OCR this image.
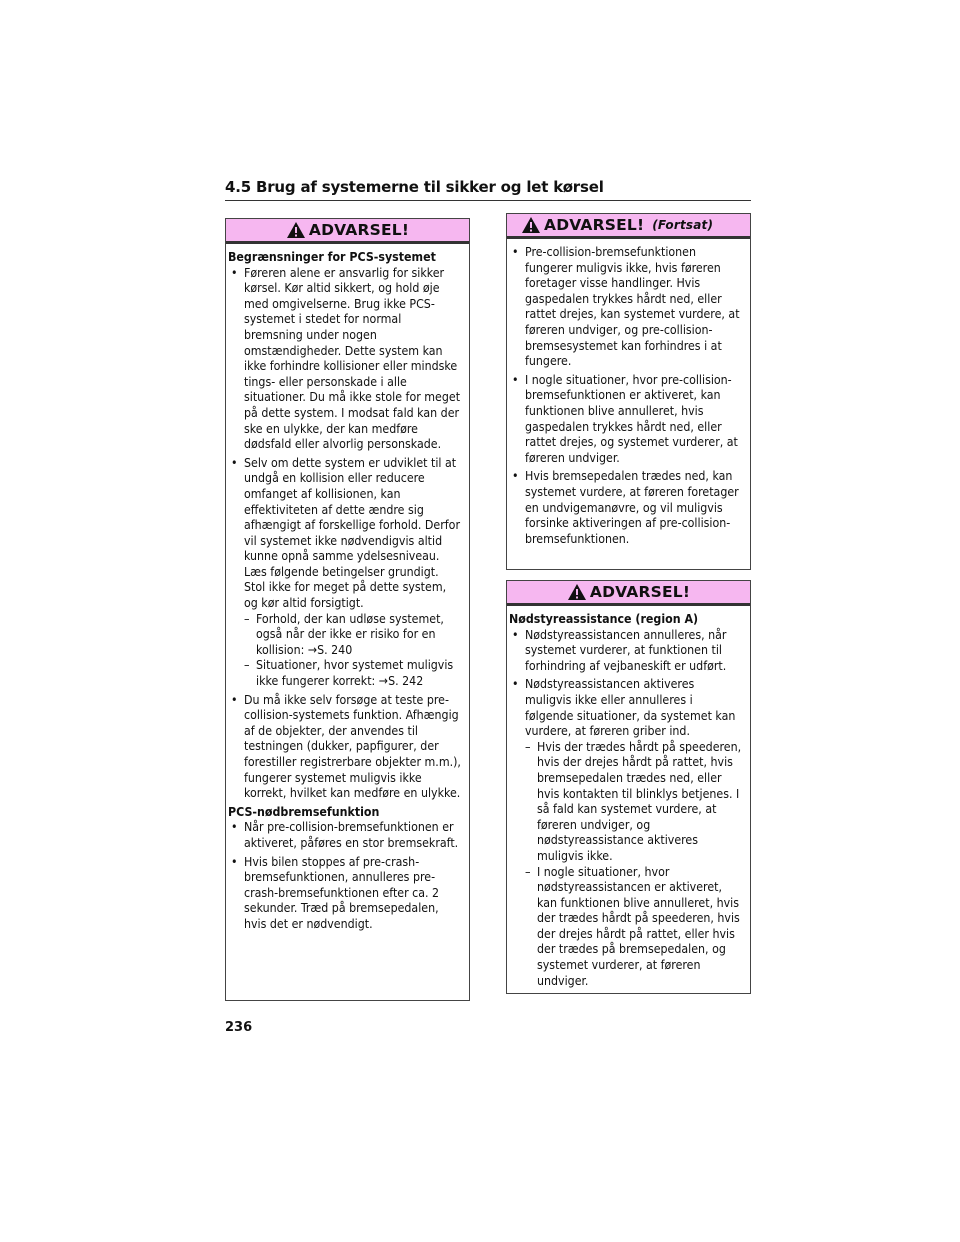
4.5 Brug af systemerne til sikker og let kørsel
ADVARSEL!
Begrænsninger for PCS-systemet
• Føreren alene er ansvarlig for sikker kørsel. Kør altid sikkert, og hold øje med omgivelserne. Brug ikke PCS-systemet i stedet for normal bremsning under nogen omstændigheder. Dette system kan ikke forhindre kollisioner eller mindske tings- eller personskade i alle situationer. Du må ikke stole for meget på dette system. I modsat fald kan der ske en ulykke, der kan medføre dødsfald eller alvorlig personskade.
• Selv om dette system er udviklet til at undgå en kollision eller reducere omfanget af kollisionen, kan effektiviteten af dette ændre sig afhængigt af forskellige forhold. Derfor vil systemet ikke nødvendigvis altid kunne opnå samme ydelsesniveau. Læs følgende betingelser grundigt. Stol ikke for meget på dette system, og kør altid forsigtigt.
– Forhold, der kan udløse systemet, også når der ikke er risiko for en kollision: →S. 240
– Situationer, hvor systemet muligvis ikke fungerer korrekt: →S. 242
• Du må ikke selv forsøge at teste pre-collision-systemets funktion. Afhængig af de objekter, der anvendes til testningen (dukker, papfigurer, der forestiller registrerbare objekter m.m.), fungerer systemet muligvis ikke korrekt, hvilket kan medføre en ulykke.
PCS-nødbremsefunktion
• Når pre-collision-bremsefunktionen er aktiveret, påføres en stor bremsekraft.
• Hvis bilen stoppes af pre-crash-bremsefunktionen, annulleres pre-crash-bremsefunktionen efter ca. 2 sekunder. Træd på bremsepedalen, hvis det er nødvendigt.
ADVARSEL! (Fortsat)
• Pre-collision-bremsefunktionen fungerer muligvis ikke, hvis føreren foretager visse handlinger. Hvis gaspedalen trykkes hårdt ned, eller rattet drejes, kan systemet vurdere, at føreren undviger, og pre-collision-bremsesystemet kan forhindres i at fungere.
• I nogle situationer, hvor pre-collision-bremsefunktionen er aktiveret, kan funktionen blive annulleret, hvis gaspedalen trykkes hårdt ned, eller rattet drejes, og systemet vurderer, at føreren undviger.
• Hvis bremsepedalen trædes ned, kan systemet vurdere, at føreren foretager en undvigemanøvre, og vil muligvis forsinke aktiveringen af pre-collision-bremsefunktionen.
ADVARSEL!
Nødstyreassistance (region A)
• Nødstyreassistancen annulleres, når systemet vurderer, at funktionen til forhindring af vejbaneskift er udført.
• Nødstyreassistancen aktiveres muligvis ikke eller annulleres i følgende situationer, da systemet kan vurdere, at føreren griber ind.
– Hvis der trædes hårdt på speederen, hvis der drejes hårdt på rattet, hvis bremsepedalen trædes ned, eller hvis kontakten til blinklys betjenes. I så fald kan systemet vurdere, at føreren undviger, og nødstyreassistance aktiveres muligvis ikke.
– I nogle situationer, hvor nødstyreassistancen er aktiveret, kan funktionen blive annulleret, hvis der trædes hårdt på speederen, hvis der drejes hårdt på rattet, eller hvis der trædes på bremsepedalen, og systemet vurderer, at føreren undviger.
236
